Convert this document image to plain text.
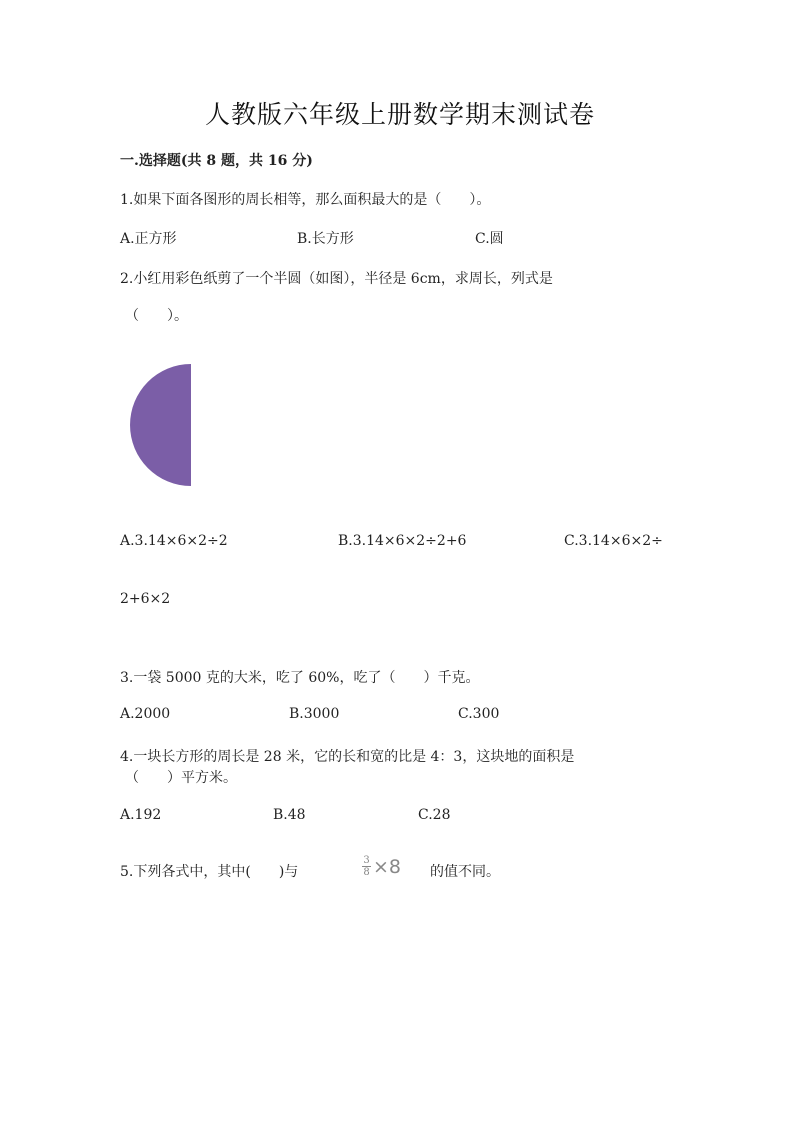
人教版六年级上册数学期末测试卷
一.选择题(共 8 题，共 16 分)
1.如果下面各图形的周长相等，那么面积最大的是（　　）。
A.正方形	B.长方形	C.圆
2.小红用彩色纸剪了一个半圆（如图），半径是 6cm，求周长，列式是
（　　）。
A.3.14×6×2÷2	B.3.14×6×2÷2+6	C.3.14×6×2÷
2+6×2
3.一袋 5000 克的大米，吃了 60%，吃了（　　）千克。
A.2000	B.3000	C.300
4.一块长方形的周长是 28 米，它的长和宽的比是 4：3，这块地的面积是
（　　）平方米。
A.192	B.48	C.28
5.下列各式中，其中(　　)与	$\frac{3}{8} \times 8$ 的值不同。
